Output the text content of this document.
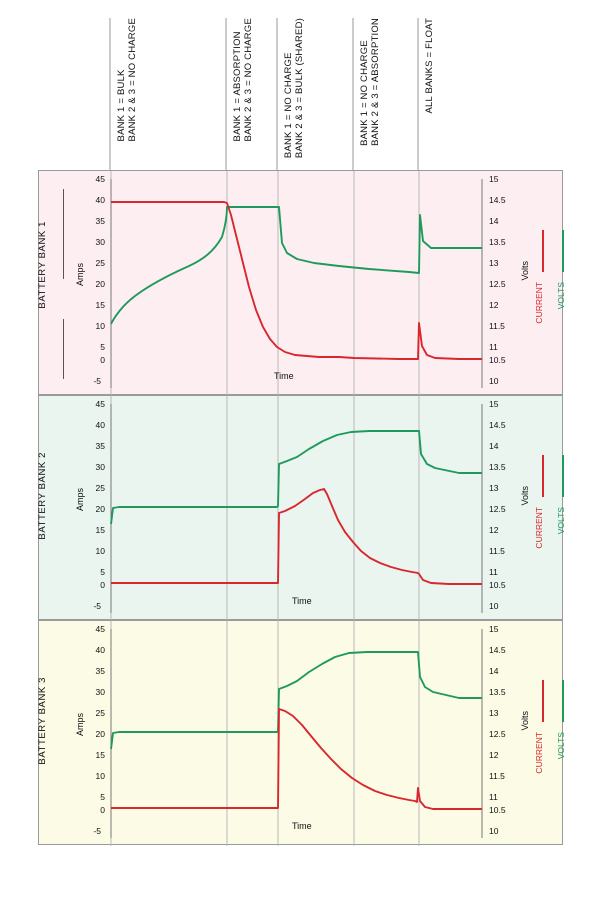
BANK 1 = BULK BANK 2 & 3 = NO CHARGE	BANK 1 = ABSORPTION BANK 2 & 3 = NO CHARGE	BANK 1 = NO CHARGE BANK 2 & 3 = BULK (SHARED)	BANK 1 = NO CHARGE BANK 2 & 3 = ABSORPTION	ALL BANKS = FLOAT
BATTERY BANK 1	Amps	Volts
Time
45
40
35
30
25
20
15
10
5
0
-5
15
14.5
14
13.5
13
12.5
12
11.5
11
10.5
10
BATTERY BANK 2	Amps	Volts
Time
45
40
35
30
25
20
15
10
5
0
-5
15
14.5
14
13.5
13
12.5
12
11.5
11
10.5
10
BATTERY BANK 3	Amps	Volts
Time
45
40
35
30
25
20
15
10
5
0
-5
15
14.5
14
13.5
13
12.5
12
11.5
11
10.5
10
CURRENT VOLTS
CURRENT VOLTS
CURRENT VOLTS
